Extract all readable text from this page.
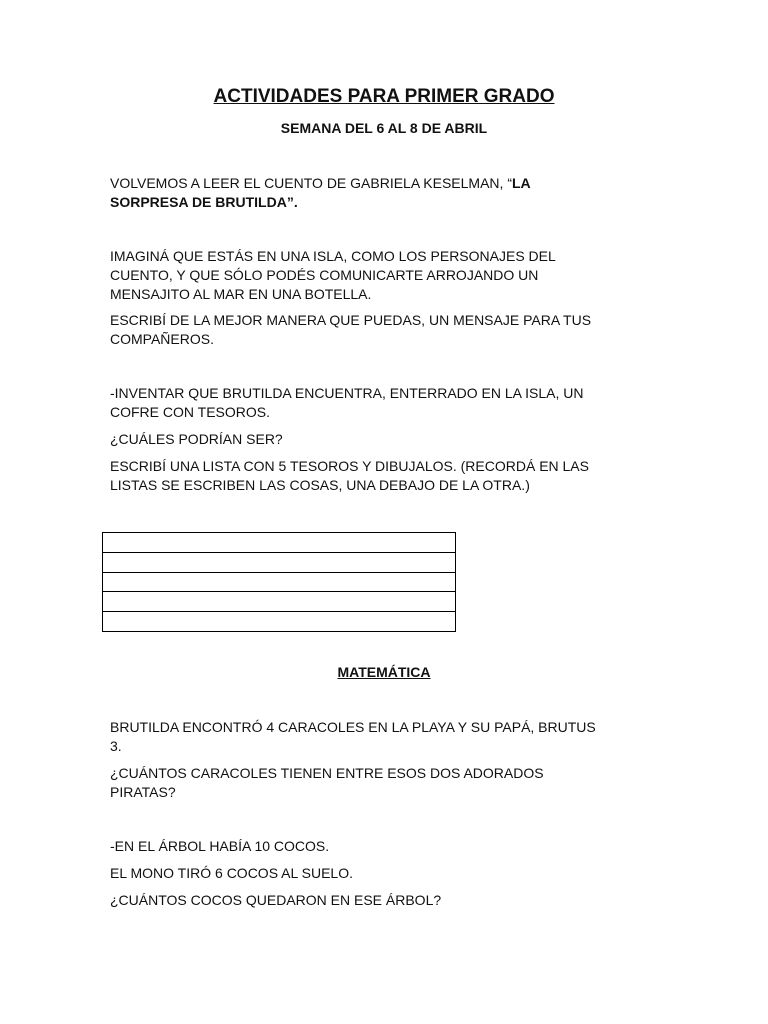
ACTIVIDADES PARA PRIMER GRADO
SEMANA DEL 6 AL 8 DE ABRIL
VOLVEMOS A LEER EL CUENTO DE GABRIELA KESELMAN, “LA
SORPRESA DE BRUTILDA”.
IMAGINÁ QUE ESTÁS EN UNA ISLA, COMO LOS PERSONAJES DEL
CUENTO, Y QUE SÓLO PODÉS COMUNICARTE ARROJANDO UN
MENSAJITO AL MAR EN UNA BOTELLA.
ESCRIBÍ DE LA MEJOR MANERA QUE PUEDAS, UN MENSAJE PARA TUS
COMPAÑEROS.
-INVENTAR QUE BRUTILDA ENCUENTRA, ENTERRADO EN LA ISLA, UN
COFRE CON TESOROS.
¿CUÁLES PODRÍAN SER?
ESCRIBÍ UNA LISTA CON 5 TESOROS Y DIBUJALOS. (RECORDÁ EN LAS
LISTAS SE ESCRIBEN LAS COSAS, UNA DEBAJO DE LA OTRA.)
MATEMÁTICA
BRUTILDA ENCONTRÓ 4 CARACOLES EN LA PLAYA Y SU PAPÁ, BRUTUS
3.
¿CUÁNTOS CARACOLES TIENEN ENTRE ESOS DOS ADORADOS
PIRATAS?
-EN EL ÁRBOL HABÍA 10 COCOS.
EL MONO TIRÓ 6 COCOS AL SUELO.
¿CUÁNTOS COCOS QUEDARON EN ESE ÁRBOL?
